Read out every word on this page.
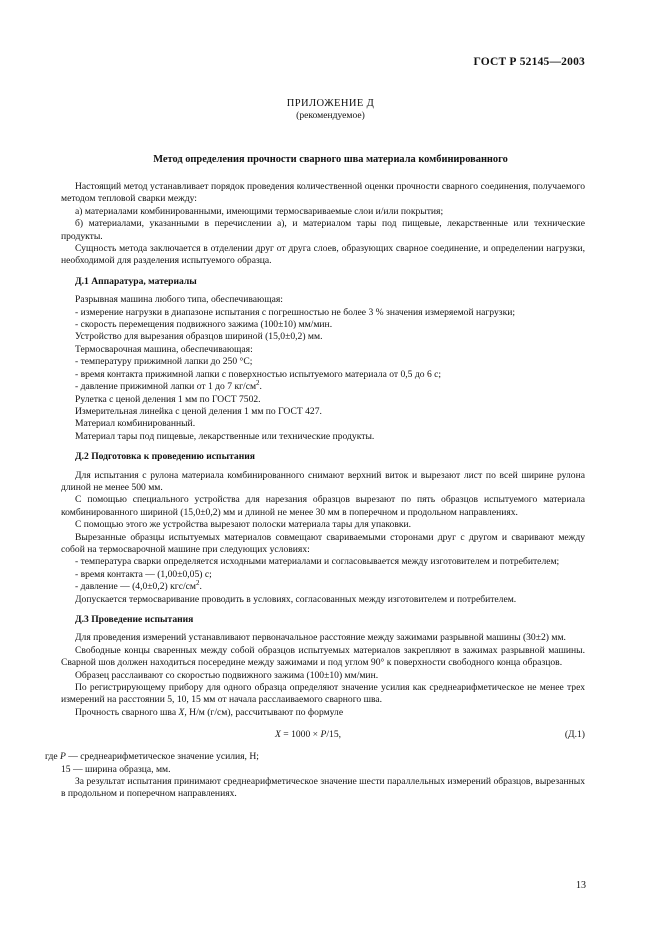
ГОСТ Р 52145—2003
ПРИЛОЖЕНИЕ Д
(рекомендуемое)
Метод определения прочности сварного шва материала комбинированного

Настоящий метод устанавливает порядок проведения количественной оценки прочности сварного соединения, получаемого методом тепловой сварки между:

а) материалами комбинированными, имеющими термосвариваемые слои и/или покрытия;

б) материалами, указанными в перечислении а), и материалом тары под пищевые, лекарственные или технические продукты.

Сущность метода заключается в отделении друг от друга слоев, образующих сварное соединение, и определении нагрузки, необходимой для разделения испытуемого образца.

Д.1 Аппаратура, материалы

Разрывная машина любого типа, обеспечивающая:

- измерение нагрузки в диапазоне испытания с погрешностью не более 3 % значения измеряемой нагрузки;

- скорость перемещения подвижного зажима (100±10) мм/мин.

Устройство для вырезания образцов шириной (15,0±0,2) мм.

Термосварочная машина, обеспечивающая:

- температуру прижимной лапки до 250 °С;

- время контакта прижимной лапки с поверхностью испытуемого материала от 0,5 до 6 с;

- давление прижимной лапки от 1 до 7 $кг/см^2$.

Рулетка с ценой деления 1 мм по ГОСТ 7502.

Измерительная линейка с ценой деления 1 мм по ГОСТ 427.

Материал комбинированный.

Материал тары под пищевые, лекарственные или технические продукты.

Д.2 Подготовка к проведению испытания

Для испытания с рулона материала комбинированного снимают верхний виток и вырезают лист по всей ширине рулона длиной не менее 500 мм.

С помощью специального устройства для нарезания образцов вырезают по пять образцов испытуемого материала комбинированного шириной (15,0±0,2) мм и длиной не менее 30 мм в поперечном и продольном направлениях.

С помощью этого же устройства вырезают полоски материала тары для упаковки.

Вырезанные образцы испытуемых материалов совмещают свариваемыми сторонами друг с другом и сваривают между собой на термосварочной машине при следующих условиях:

- температура сварки определяется исходными материалами и согласовывается между изготовителем и потребителем;

- время контакта — (1,00±0,05) с;

- давление — (4,0±0,2) кгс/$см^2$.

Допускается термосваривание проводить в условиях, согласованных между изготовителем и потребителем.

Д.3 Проведение испытания

Для проведения измерений устанавливают первоначальное расстояние между зажимами разрывной машины (30±2) мм.

Свободные концы сваренных между собой образцов испытуемых материалов закрепляют в зажимах разрывной машины. Сварной шов должен находиться посередине между зажимами и под углом 90° к поверхности свободного конца образцов.

Образец расслаивают со скоростью подвижного зажима (100±10) мм/мин.

По регистрирующему прибору для одного образца определяют значение усилия как среднеарифметическое не менее трех измерений на расстоянии 5, 10, 15 мм от начала расслаиваемого сварного шва.

Прочность сварного шва X, Н/м (г/см), рассчитывают по формуле

X = 1000 × P/15,	(Д.1)

где P — среднеарифметическое значение усилия, Н;

15 — ширина образца, мм.

За результат испытания принимают среднеарифметическое значение шести параллельных измерений образцов, вырезанных в продольном и поперечном направлениях.

13
